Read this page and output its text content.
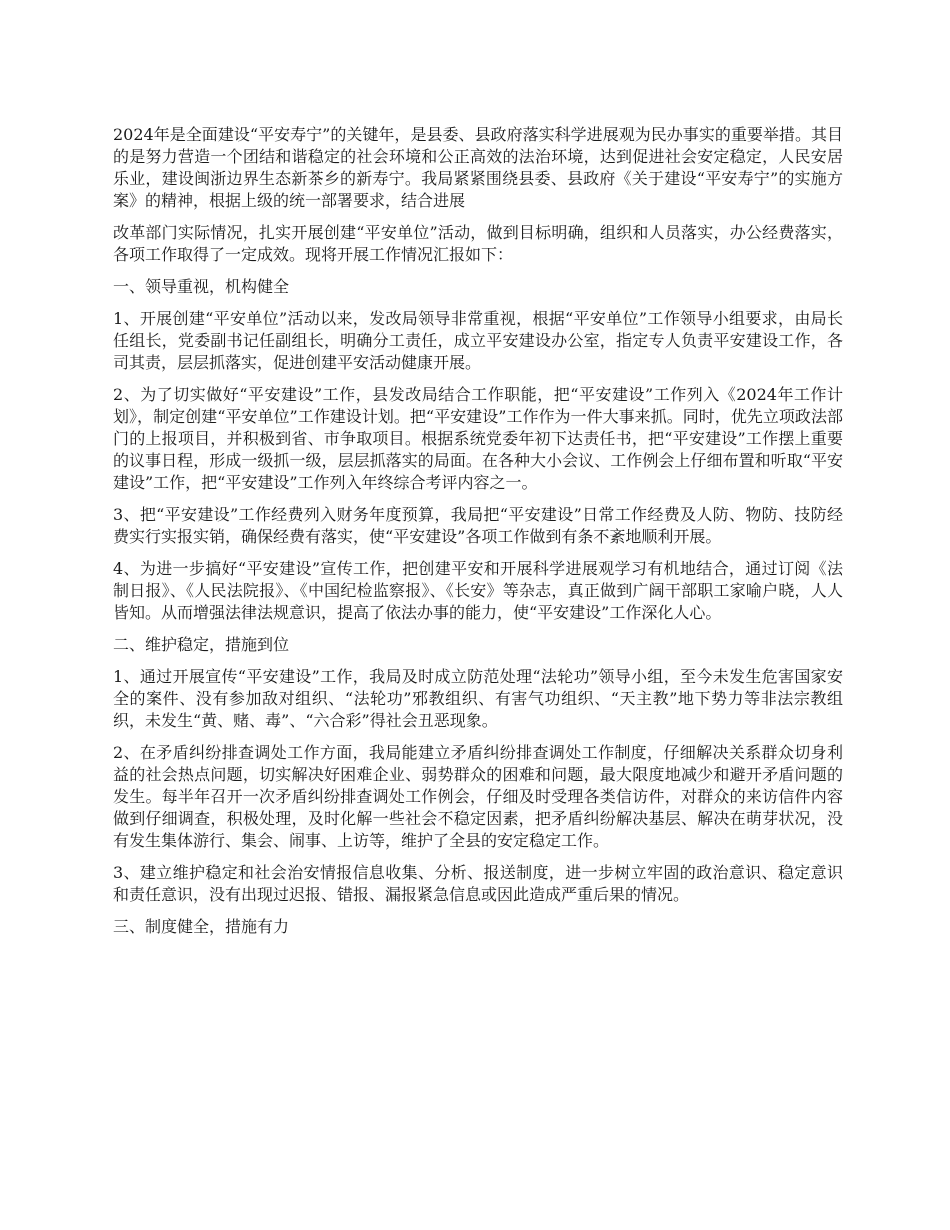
2024年是全面建设“平安寿宁”的关键年，是县委、县政府落实科学进展观为民办事实的重要举措。其目的是努力营造一个团结和谐稳定的社会环境和公正高效的法治环境，达到促进社会安定稳定，人民安居乐业，建设闽浙边界生态新茶乡的新寿宁。我局紧紧围绕县委、县政府《关于建设“平安寿宁”的实施方案》的精神，根据上级的统一部署要求，结合进展

改革部门实际情况，扎实开展创建“平安单位”活动，做到目标明确，组织和人员落实，办公经费落实，各项工作取得了一定成效。现将开展工作情况汇报如下：

一、领导重视，机构健全

1、开展创建“平安单位”活动以来，发改局领导非常重视，根据“平安单位”工作领导小组要求，由局长任组长，党委副书记任副组长，明确分工责任，成立平安建设办公室，指定专人负责平安建设工作，各司其责，层层抓落实，促进创建平安活动健康开展。

2、为了切实做好“平安建设”工作，县发改局结合工作职能，把“平安建设”工作列入《2024年工作计划》，制定创建“平安单位”工作建设计划。把“平安建设”工作作为一件大事来抓。同时，优先立项政法部门的上报项目，并积极到省、市争取项目。根据系统党委年初下达责任书，把“平安建设”工作摆上重要的议事日程，形成一级抓一级，层层抓落实的局面。在各种大小会议、工作例会上仔细布置和听取“平安建设”工作，把“平安建设”工作列入年终综合考评内容之一。

3、把“平安建设”工作经费列入财务年度预算，我局把“平安建设”日常工作经费及人防、物防、技防经费实行实报实销，确保经费有落实，使“平安建设”各项工作做到有条不紊地顺利开展。

4、为进一步搞好“平安建设”宣传工作，把创建平安和开展科学进展观学习有机地结合，通过订阅《法制日报》、《人民法院报》、《中国纪检监察报》、《长安》等杂志，真正做到广阔干部职工家喻户晓，人人皆知。从而增强法律法规意识，提高了依法办事的能力，使“平安建设”工作深化人心。

二、维护稳定，措施到位

1、通过开展宣传“平安建设”工作，我局及时成立防范处理“法轮功”领导小组，至今未发生危害国家安全的案件、没有参加敌对组织、“法轮功”邪教组织、有害气功组织、“天主教”地下势力等非法宗教组织，未发生“黄、赌、毒”、“六合彩”得社会丑恶现象。

2、在矛盾纠纷排查调处工作方面，我局能建立矛盾纠纷排查调处工作制度，仔细解决关系群众切身利益的社会热点问题，切实解决好困难企业、弱势群众的困难和问题，最大限度地减少和避开矛盾问题的发生。每半年召开一次矛盾纠纷排查调处工作例会，仔细及时受理各类信访件，对群众的来访信件内容做到仔细调查，积极处理，及时化解一些社会不稳定因素，把矛盾纠纷解决基层、解决在萌芽状况，没有发生集体游行、集会、闹事、上访等，维护了全县的安定稳定工作。

3、建立维护稳定和社会治安情报信息收集、分析、报送制度，进一步树立牢固的政治意识、稳定意识和责任意识，没有出现过迟报、错报、漏报紧急信息或因此造成严重后果的情况。

三、制度健全，措施有力
